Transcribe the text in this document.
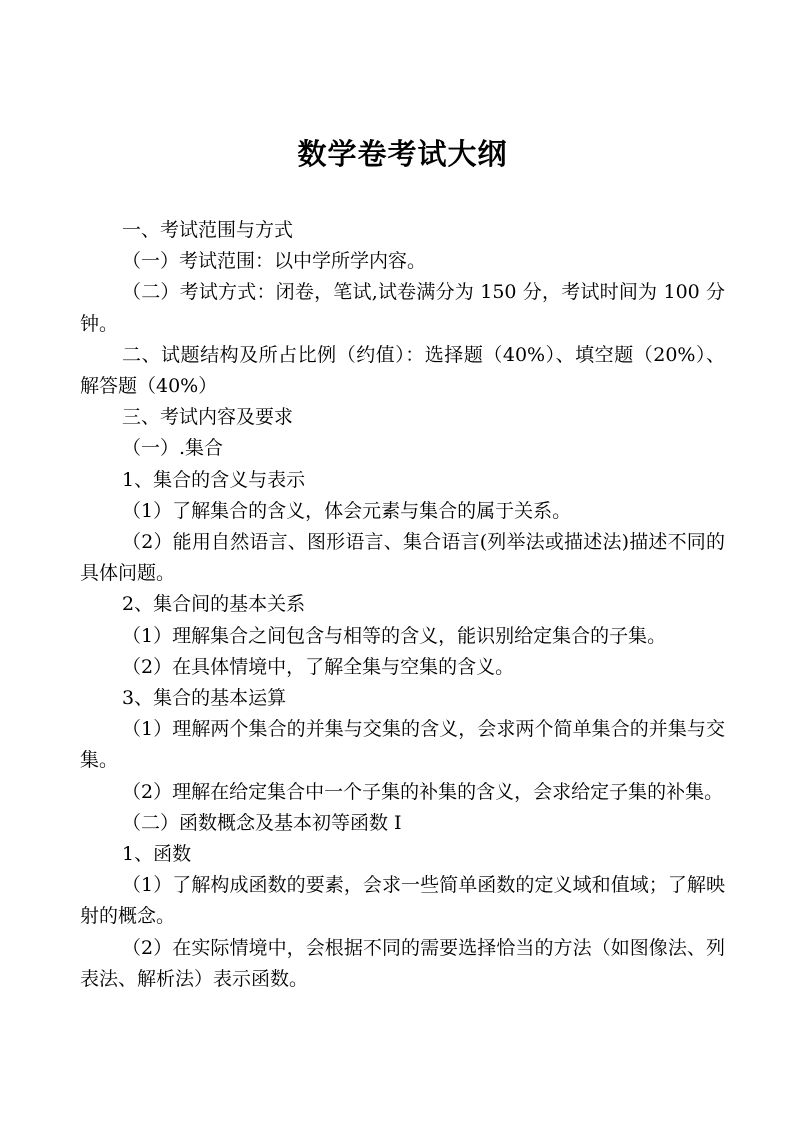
数学卷考试大纲

一、考试范围与方式

（一）考试范围：以中学所学内容。

（二）考试方式：闭卷，笔试,试卷满分为 150 分，考试时间为 100 分钟。

二、试题结构及所占比例（约值）：选择题（40%）、填空题（20%）、解答题（40%）

三、考试内容及要求

（一）.集合

1、集合的含义与表示

（1）了解集合的含义，体会元素与集合的属于关系。

（2）能用自然语言、图形语言、集合语言(列举法或描述法)描述不同的具体问题。

2、集合间的基本关系

（1）理解集合之间包含与相等的含义，能识别给定集合的子集。

（2）在具体情境中，了解全集与空集的含义。

3、集合的基本运算

（1）理解两个集合的并集与交集的含义，会求两个简单集合的并集与交集。

（2）理解在给定集合中一个子集的补集的含义，会求给定子集的补集。

（二）函数概念及基本初等函数 I

1、函数

（1）了解构成函数的要素，会求一些简单函数的定义域和值域；了解映射的概念。

（2）在实际情境中，会根据不同的需要选择恰当的方法（如图像法、列表法、解析法）表示函数。
